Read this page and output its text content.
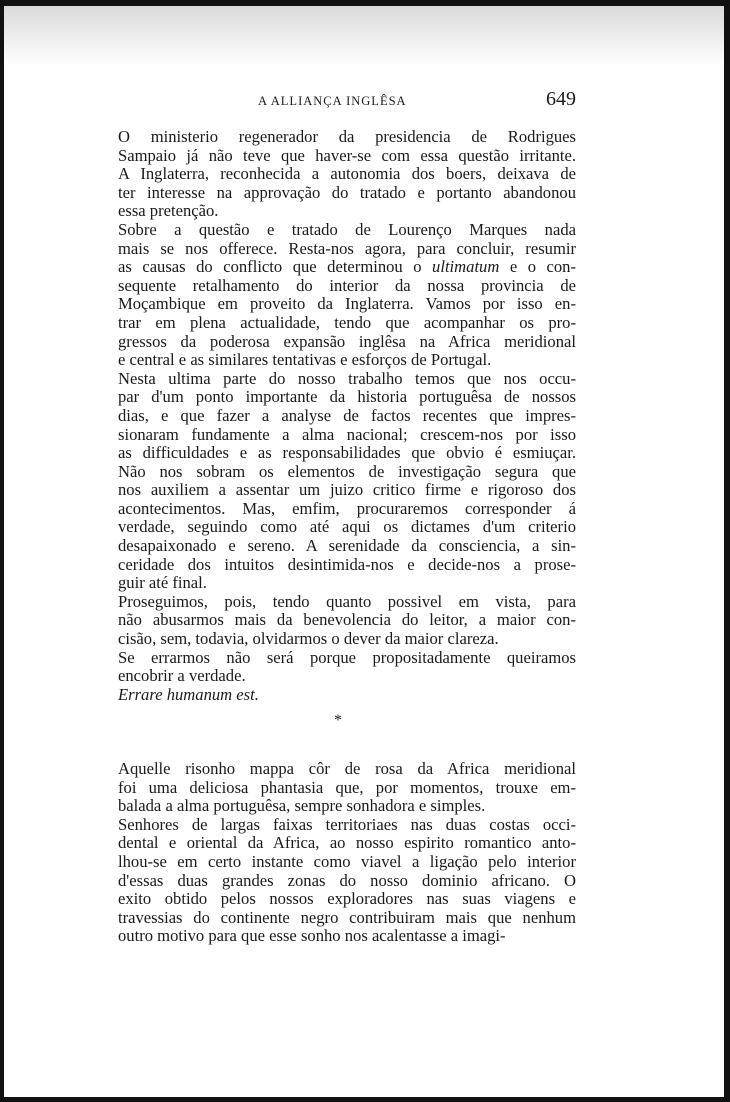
A ALLIANÇA INGLÊSA	649

O ministerio regenerador da presidencia de Rodrigues
Sampaio já não teve que haver-se com essa questão irritante.
A Inglaterra, reconhecida a autonomia dos boers, deixava de
ter interesse na approvação do tratado e portanto abandonou
essa pretenção.

Sobre a questão e tratado de Lourenço Marques nada
mais se nos offerece. Resta-nos agora, para concluir, resumir
as causas do conflicto que determinou o ultimatum e o con-
sequente retalhamento do interior da nossa provincia de
Moçambique em proveito da Inglaterra. Vamos por isso en-
trar em plena actualidade, tendo que acompanhar os pro-
gressos da poderosa expansão inglêsa na Africa meridional
e central e as similares tentativas e esforços de Portugal.

Nesta ultima parte do nosso trabalho temos que nos occu-
par d'um ponto importante da historia portuguêsa de nossos
dias, e que fazer a analyse de factos recentes que impres-
sionaram fundamente a alma nacional; crescem-nos por isso
as difficuldades e as responsabilidades que obvio é esmiuçar.
Não nos sobram os elementos de investigação segura que
nos auxiliem a assentar um juizo critico firme e rigoroso dos
acontecimentos. Mas, emfim, procuraremos corresponder á
verdade, seguindo como até aqui os dictames d'um criterio
desapaixonado e sereno. A serenidade da consciencia, a sin-
ceridade dos intuitos desintimida-nos e decide-nos a prose-
guir até final.

Proseguimos, pois, tendo quanto possivel em vista, para
não abusarmos mais da benevolencia do leitor, a maior con-
cisão, sem, todavia, olvidarmos o dever da maior clareza.

Se errarmos não será porque propositadamente queiramos
encobrir a verdade.

Errare humanum est.

*

Aquelle risonho mappa côr de rosa da Africa meridional
foi uma deliciosa phantasia que, por momentos, trouxe em-
balada a alma portuguêsa, sempre sonhadora e simples.

Senhores de largas faixas territoriaes nas duas costas occi-
dental e oriental da Africa, ao nosso espirito romantico anto-
lhou-se em certo instante como viavel a ligação pelo interior
d'essas duas grandes zonas do nosso dominio africano. O
exito obtido pelos nossos exploradores nas suas viagens e
travessias do continente negro contribuiram mais que nenhum
outro motivo para que esse sonho nos acalentasse a imagi-
